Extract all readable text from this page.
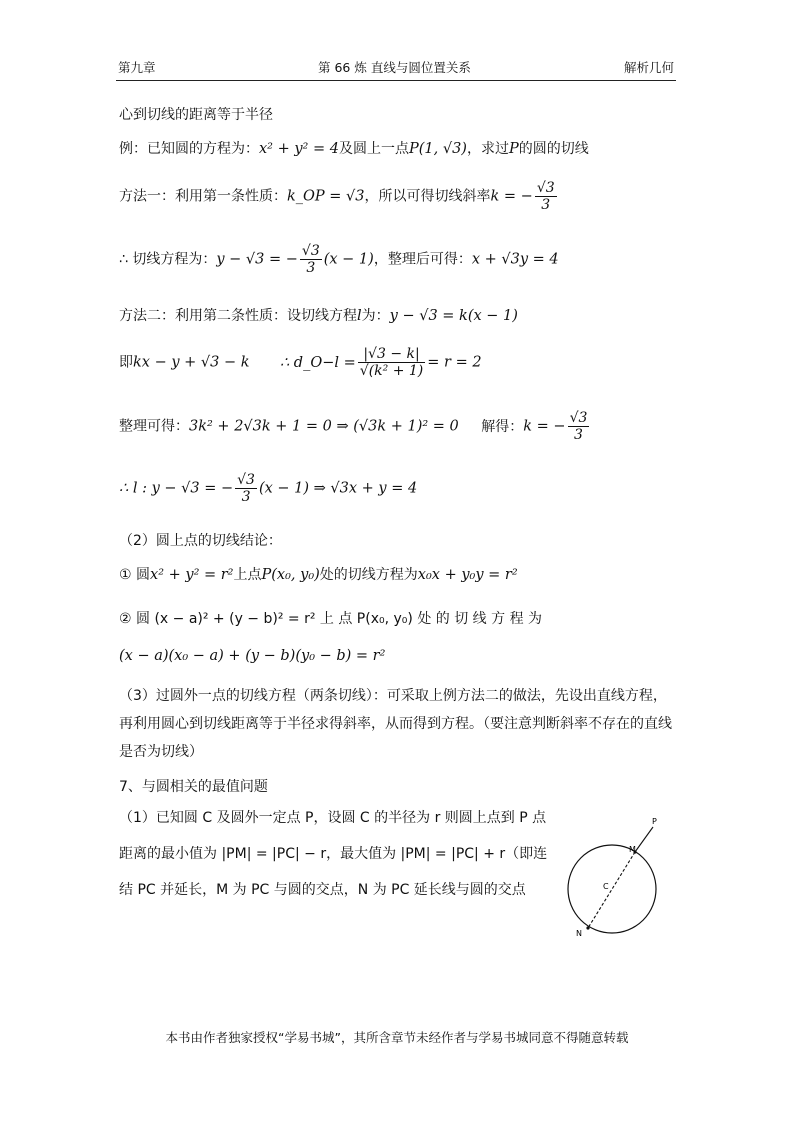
第九章	第 66 炼 直线与圆位置关系	解析几何
心到切线的距离等于半径
例：已知圆的方程为：x² + y² = 4及圆上一点P(1, √3)，求过P的圆的切线
方法一：利用第一条性质：k_OP = √3，所以可得切线斜率k = − $\frac{√3}{3}$
∴ 切线方程为：y − √3 = − $\frac{√3}{3} (x - 1)$，整理后可得：x + √3y = 4
方法二：利用第二条性质：设切线方程l为：y − √3 = k(x − 1)
即kx − y + √3 − k ∴ d_O−l = $\frac{|√3 - k|}{\text{√(k² + 1)}} = r = 2$
整理可得：3k² + 2√3k + 1 = 0 ⇒ (√3k + 1)² = 0 解得：k = − $\frac{√3}{3}$
∴ l : y − √3 = − $\frac{√3}{3} (x - 1)$ ⇒ √3x + y = 4
（2）圆上点的切线结论：
① 圆x² + y² = r²上点P(x₀, y₀)处的切线方程为x₀x + y₀y = r²
② 圆 (x − a)² + (y − b)² = r² 上 点 P(x₀, y₀) 处 的 切 线 方 程 为
(x − a)(x₀ − a) + (y − b)(y₀ − b) = r²
（3）过圆外一点的切线方程（两条切线）：可采取上例方法二的做法，先设出直线方程，再利用圆心到切线距离等于半径求得斜率，从而得到方程。（要注意判断斜率不存在的直线是否为切线）
7、与圆相关的最值问题
（1）已知圆 C 及圆外一定点 P，设圆 C 的半径为 r 则圆上点到 P 点距离的最小值为 |PM| = |PC| − r，最大值为 |PM| = |PC| + r（即连结 PC 并延长，M 为 PC 与圆的交点，N 为 PC 延长线与圆的交点
P
M
C
N
本书由作者独家授权“学易书城”，其所含章节未经作者与学易书城同意不得随意转载
